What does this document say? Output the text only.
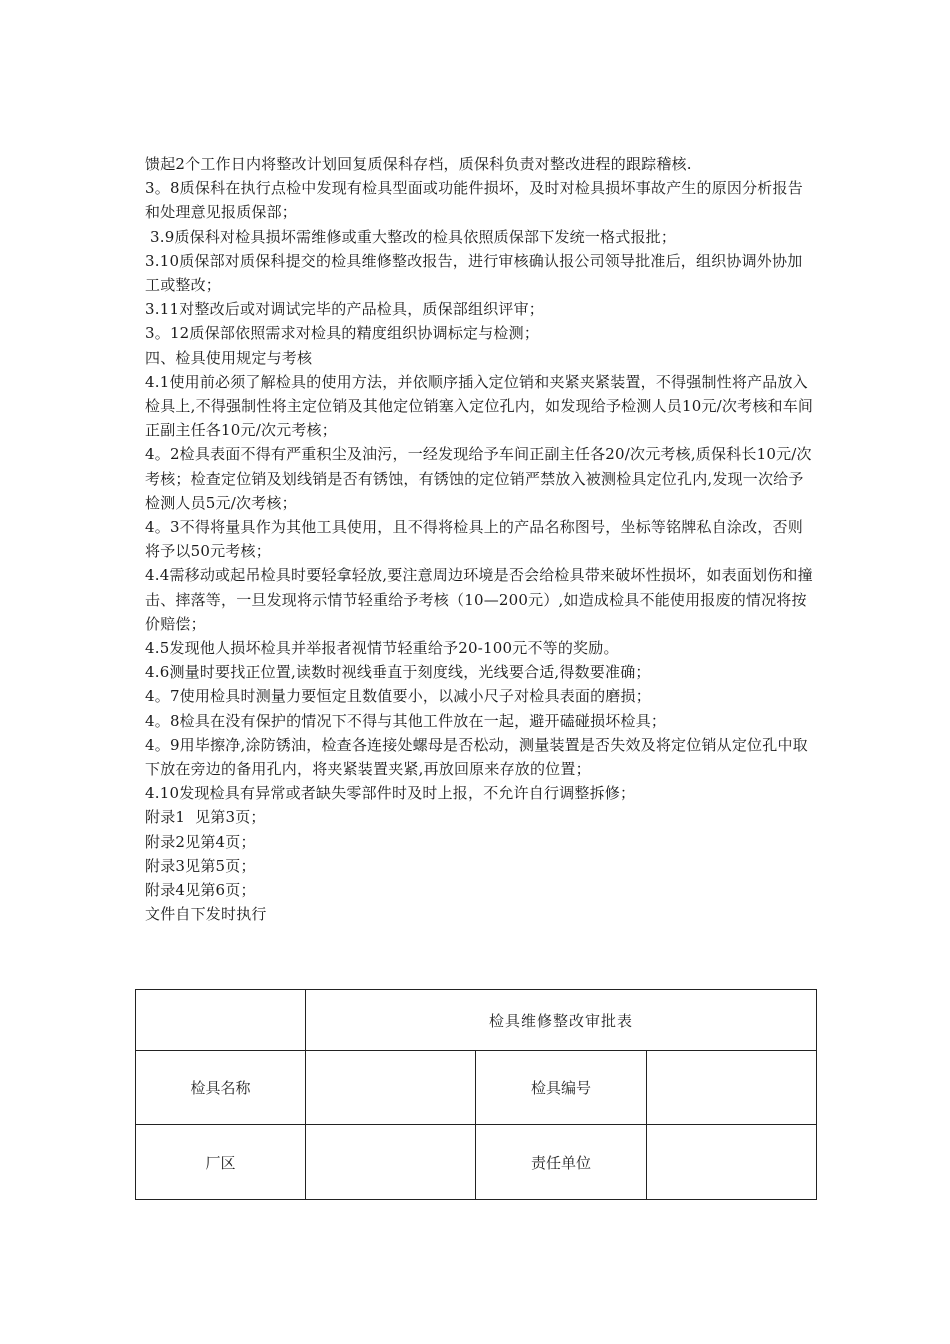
馈起2个工作日内将整改计划回复质保科存档，质保科负责对整改进程的跟踪稽核.

3。8质保科在执行点检中发现有检具型面或功能件损坏，及时对检具损坏事故产生的原因分析报告和处理意见报质保部；

3.9质保科对检具损坏需维修或重大整改的检具依照质保部下发统一格式报批；

3.10质保部对质保科提交的检具维修整改报告，进行审核确认报公司领导批准后，组织协调外协加工或整改；

3.11对整改后或对调试完毕的产品检具，质保部组织评审；

3。12质保部依照需求对检具的精度组织协调标定与检测；

四、检具使用规定与考核

4.1使用前必须了解检具的使用方法，并依顺序插入定位销和夹紧夹紧装置，不得强制性将产品放入检具上,不得强制性将主定位销及其他定位销塞入定位孔内，如发现给予检测人员10元/次考核和车间正副主任各10元/次元考核；

4。2检具表面不得有严重积尘及油污，一经发现给予车间正副主任各20/次元考核,质保科长10元/次考核；检查定位销及划线销是否有锈蚀，有锈蚀的定位销严禁放入被测检具定位孔内,发现一次给予检测人员5元/次考核；

4。3不得将量具作为其他工具使用，且不得将检具上的产品名称图号，坐标等铭牌私自涂改，否则将予以50元考核；

4.4需移动或起吊检具时要轻拿轻放,要注意周边环境是否会给检具带来破坏性损坏，如表面划伤和撞击、摔落等，一旦发现将示情节轻重给予考核（10—200元）,如造成检具不能使用报废的情况将按价赔偿；

4.5发现他人损坏检具并举报者视情节轻重给予20-100元不等的奖励。

4.6测量时要找正位置,读数时视线垂直于刻度线，光线要合适,得数要准确；

4。7使用检具时测量力要恒定且数值要小，以减小尺子对检具表面的磨损；

4。8检具在没有保护的情况下不得与其他工件放在一起，避开磕碰损坏检具；

4。9用毕擦净,涂防锈油，检查各连接处螺母是否松动，测量装置是否失效及将定位销从定位孔中取下放在旁边的备用孔内，将夹紧装置夹紧,再放回原来存放的位置；

4.10发现检具有异常或者缺失零部件时及时上报，不允许自行调整拆修；

附录1  见第3页；

附录2见第4页；

附录3见第5页；

附录4见第6页；

文件自下发时执行

	检具维修整改审批表		
检具名称		检具编号	
厂区		责任单位	
